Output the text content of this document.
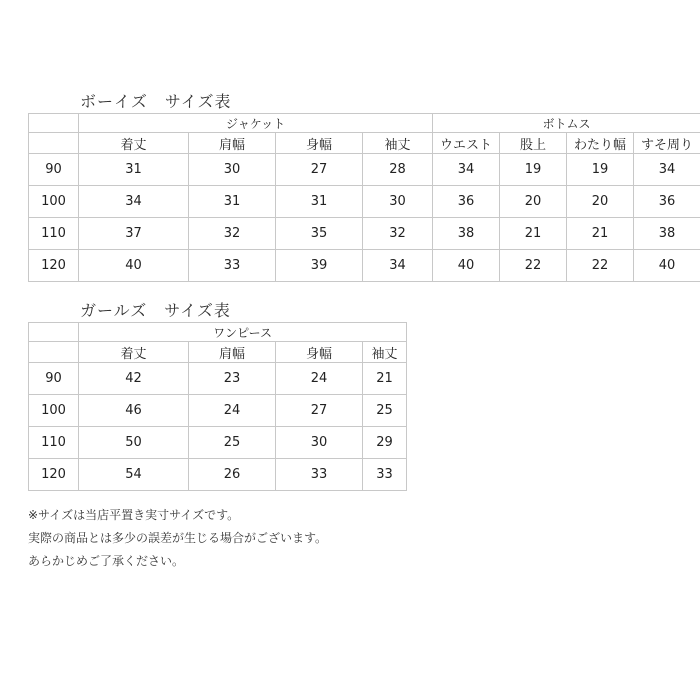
ボーイズ　サイズ表
	ジャケット				ボトムス			
	着丈	肩幅	身幅	袖丈	ウエスト	股上	わたり幅	すそ周り
90	31	30	27	28	34	19	19	34
100	34	31	31	30	36	20	20	36
110	37	32	35	32	38	21	21	38
120	40	33	39	34	40	22	22	40
ガールズ　サイズ表
	ワンピース			
	着丈	肩幅	身幅	袖丈
90	42	23	24	21
100	46	24	27	25
110	50	25	30	29
120	54	26	33	33
※サイズは当店平置き実寸サイズです。
実際の商品とは多少の誤差が生じる場合がございます。
あらかじめご了承ください。
